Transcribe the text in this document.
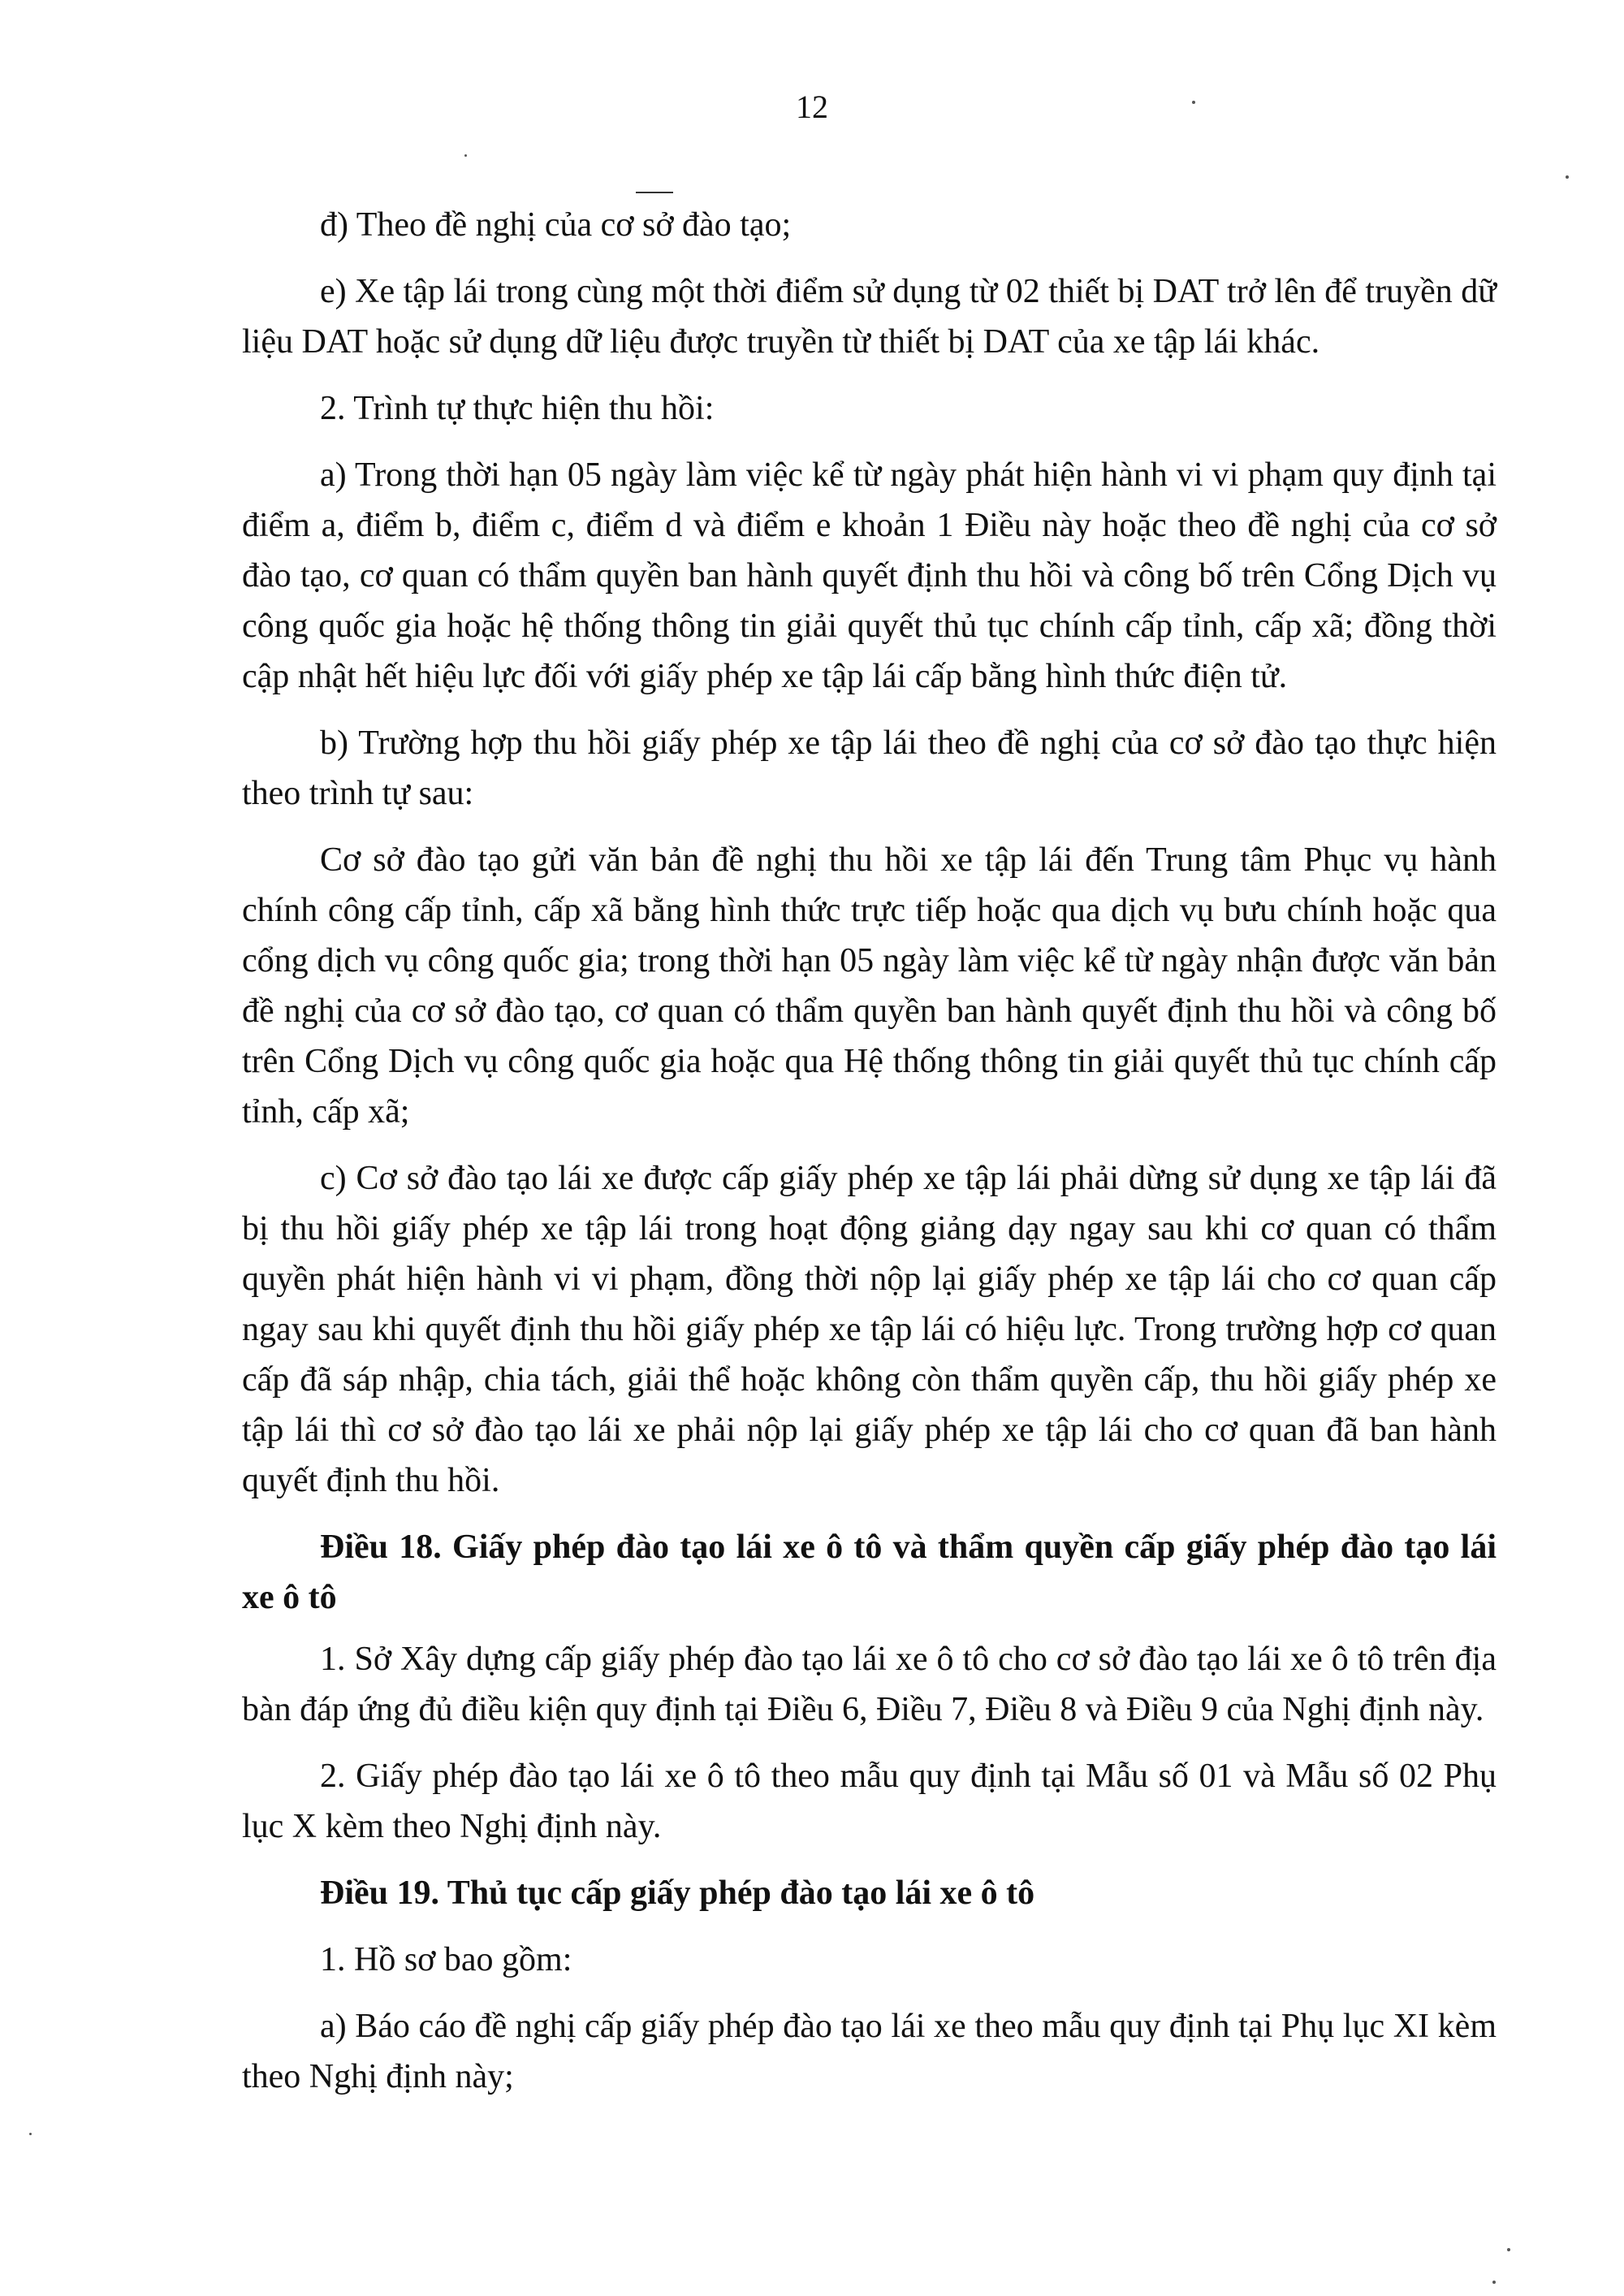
12

đ) Theo đề nghị của cơ sở đào tạo;

e) Xe tập lái trong cùng một thời điểm sử dụng từ 02 thiết bị DAT trở lên để truyền dữ liệu DAT hoặc sử dụng dữ liệu được truyền từ thiết bị DAT của xe tập lái khác.

2. Trình tự thực hiện thu hồi:

a) Trong thời hạn 05 ngày làm việc kể từ ngày phát hiện hành vi vi phạm quy định tại điểm a, điểm b, điểm c, điểm d và điểm e khoản 1 Điều này hoặc theo đề nghị của cơ sở đào tạo, cơ quan có thẩm quyền ban hành quyết định thu hồi và công bố trên Cổng Dịch vụ công quốc gia hoặc hệ thống thông tin giải quyết thủ tục chính cấp tỉnh, cấp xã; đồng thời cập nhật hết hiệu lực đối với giấy phép xe tập lái cấp bằng hình thức điện tử.

b) Trường hợp thu hồi giấy phép xe tập lái theo đề nghị của cơ sở đào tạo thực hiện theo trình tự sau:

Cơ sở đào tạo gửi văn bản đề nghị thu hồi xe tập lái đến Trung tâm Phục vụ hành chính công cấp tỉnh, cấp xã bằng hình thức trực tiếp hoặc qua dịch vụ bưu chính hoặc qua cổng dịch vụ công quốc gia; trong thời hạn 05 ngày làm việc kể từ ngày nhận được văn bản đề nghị của cơ sở đào tạo, cơ quan có thẩm quyền ban hành quyết định thu hồi và công bố trên Cổng Dịch vụ công quốc gia hoặc qua Hệ thống thông tin giải quyết thủ tục chính cấp tỉnh, cấp xã;

c) Cơ sở đào tạo lái xe được cấp giấy phép xe tập lái phải dừng sử dụng xe tập lái đã bị thu hồi giấy phép xe tập lái trong hoạt động giảng dạy ngay sau khi cơ quan có thẩm quyền phát hiện hành vi vi phạm, đồng thời nộp lại giấy phép xe tập lái cho cơ quan cấp ngay sau khi quyết định thu hồi giấy phép xe tập lái có hiệu lực. Trong trường hợp cơ quan cấp đã sáp nhập, chia tách, giải thể hoặc không còn thẩm quyền cấp, thu hồi giấy phép xe tập lái thì cơ sở đào tạo lái xe phải nộp lại giấy phép xe tập lái cho cơ quan đã ban hành quyết định thu hồi.

Điều 18. Giấy phép đào tạo lái xe ô tô và thẩm quyền cấp giấy phép đào tạo lái xe ô tô

1. Sở Xây dựng cấp giấy phép đào tạo lái xe ô tô cho cơ sở đào tạo lái xe ô tô trên địa bàn đáp ứng đủ điều kiện quy định tại Điều 6, Điều 7, Điều 8 và Điều 9 của Nghị định này.

2. Giấy phép đào tạo lái xe ô tô theo mẫu quy định tại Mẫu số 01 và Mẫu số 02 Phụ lục X kèm theo Nghị định này.

Điều 19. Thủ tục cấp giấy phép đào tạo lái xe ô tô

1. Hồ sơ bao gồm:

a) Báo cáo đề nghị cấp giấy phép đào tạo lái xe theo mẫu quy định tại Phụ lục XI kèm theo Nghị định này;
